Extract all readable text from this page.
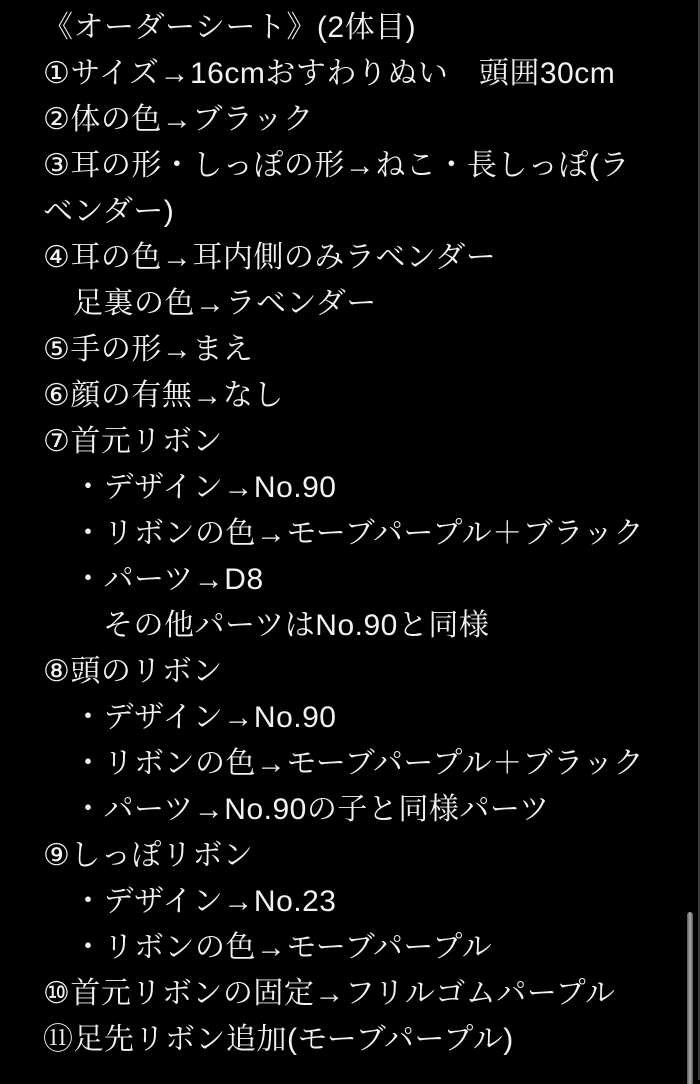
《オーダーシート》(2体目)
①サイズ→16cmおすわりぬい　頭囲30cm
②体の色→ブラック
③耳の形・しっぽの形→ねこ・長しっぽ(ラ
ベンダー)
④耳の色→耳内側のみラベンダー
足裏の色→ラベンダー
⑤手の形→まえ
⑥顔の有無→なし
⑦首元リボン
・デザイン→No.90
・リボンの色→モーブパープル＋ブラック
・パーツ→D8
その他パーツはNo.90と同様
⑧頭のリボン
・デザイン→No.90
・リボンの色→モーブパープル＋ブラック
・パーツ→No.90の子と同様パーツ
⑨しっぽリボン
・デザイン→No.23
・リボンの色→モーブパープル
⑩首元リボンの固定→フリルゴムパープル
⑪足先リボン追加(モーブパープル)
